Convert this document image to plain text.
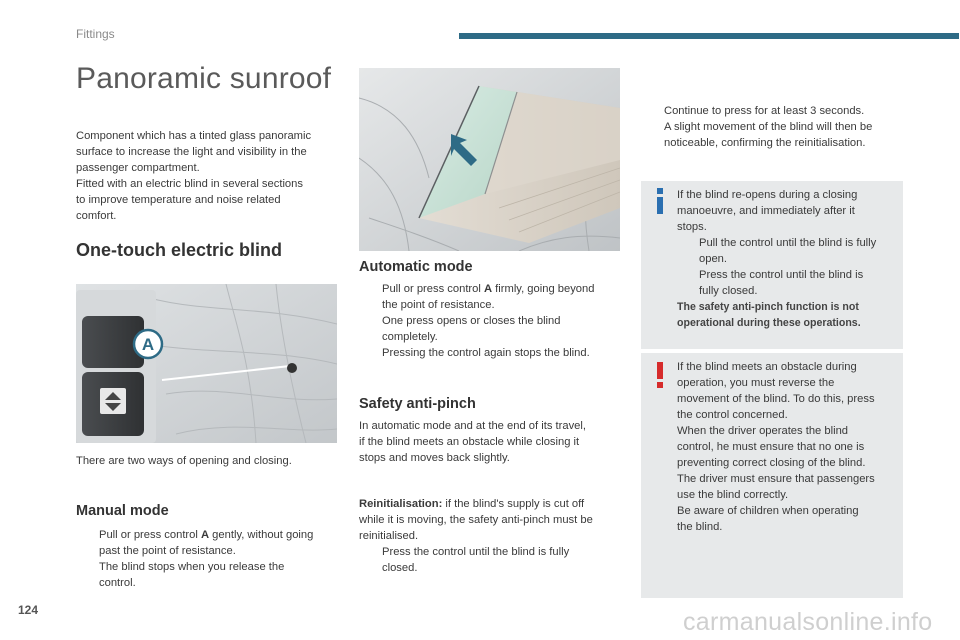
Fittings
Panoramic sunroof
Component which has a tinted glass panoramic
surface to increase the light and visibility in the
passenger compartment.
Fitted with an electric blind in several sections
to improve temperature and noise related
comfort.
One-touch electric blind
A
There are two ways of opening and closing.
Manual mode
Pull or press control A gently, without going
past the point of resistance.
The blind stops when you release the
control.
Automatic mode
Pull or press control A firmly, going beyond
the point of resistance.
One press opens or closes the blind
completely.
Pressing the control again stops the blind.
Safety anti-pinch
In automatic mode and at the end of its travel,
if the blind meets an obstacle while closing it
stops and moves back slightly.
Reinitialisation: if the blind's supply is cut off
while it is moving, the safety anti-pinch must be
reinitialised.
Press the control until the blind is fully
closed.
Continue to press for at least 3 seconds.
A slight movement of the blind will then be
noticeable, confirming the reinitialisation.
If the blind re-opens during a closing
manoeuvre, and immediately after it
stops.
Pull the control until the blind is fully
open.
Press the control until the blind is
fully closed.
The safety anti-pinch function is not
operational during these operations.
If the blind meets an obstacle during
operation, you must reverse the
movement of the blind. To do this, press
the control concerned.
When the driver operates the blind
control, he must ensure that no one is
preventing correct closing of the blind.
The driver must ensure that passengers
use the blind correctly.
Be aware of children when operating
the blind.
124	carmanualsonline.info
